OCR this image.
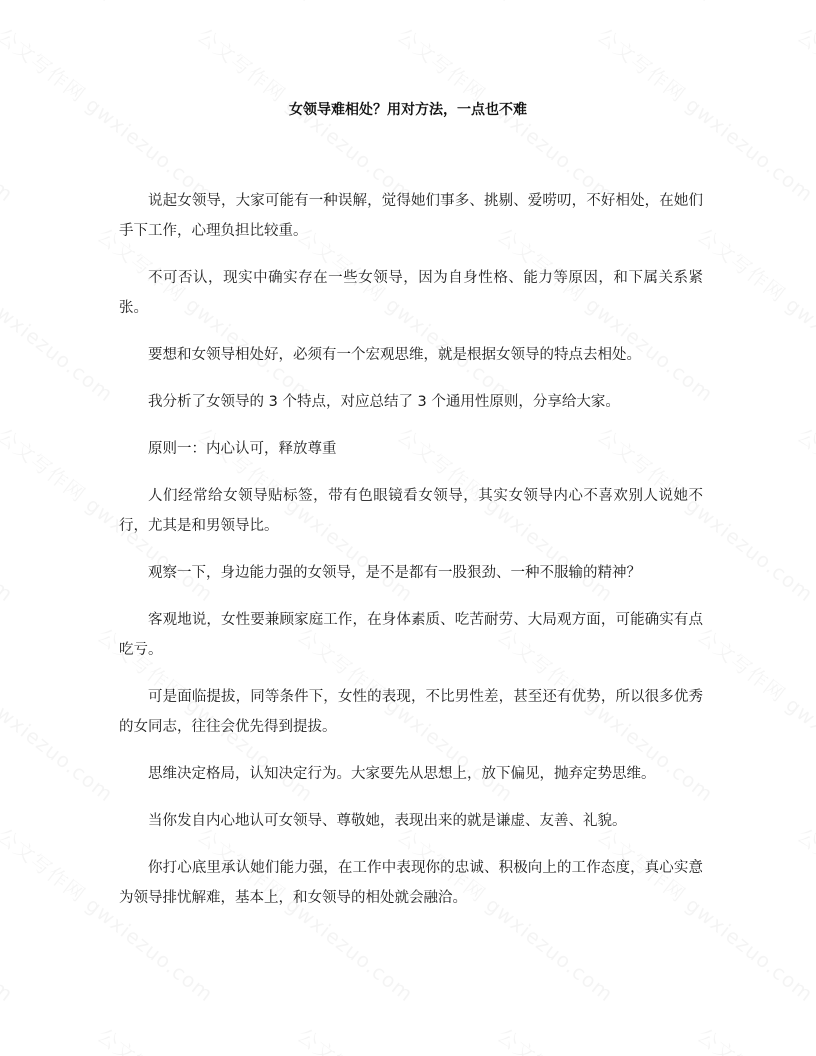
女领导难相处？用对方法，一点也不难

说起女领导，大家可能有一种误解，觉得她们事多、挑剔、爱唠叨，不好相处，在她们手下工作，心理负担比较重。

不可否认，现实中确实存在一些女领导，因为自身性格、能力等原因，和下属关系紧张。

要想和女领导相处好，必须有一个宏观思维，就是根据女领导的特点去相处。

我分析了女领导的 3 个特点，对应总结了 3 个通用性原则，分享给大家。

原则一：内心认可，释放尊重

人们经常给女领导贴标签，带有色眼镜看女领导，其实女领导内心不喜欢别人说她不行，尤其是和男领导比。

观察一下，身边能力强的女领导，是不是都有一股狠劲、一种不服输的精神？

客观地说，女性要兼顾家庭工作，在身体素质、吃苦耐劳、大局观方面，可能确实有点吃亏。

可是面临提拔，同等条件下，女性的表现，不比男性差，甚至还有优势，所以很多优秀的女同志，往往会优先得到提拔。

思维决定格局，认知决定行为。大家要先从思想上，放下偏见，抛弃定势思维。

当你发自内心地认可女领导、尊敬她，表现出来的就是谦虚、友善、礼貌。

你打心底里承认她们能力强，在工作中表现你的忠诚、积极向上的工作态度，真心实意为领导排忧解难，基本上，和女领导的相处就会融洽。
